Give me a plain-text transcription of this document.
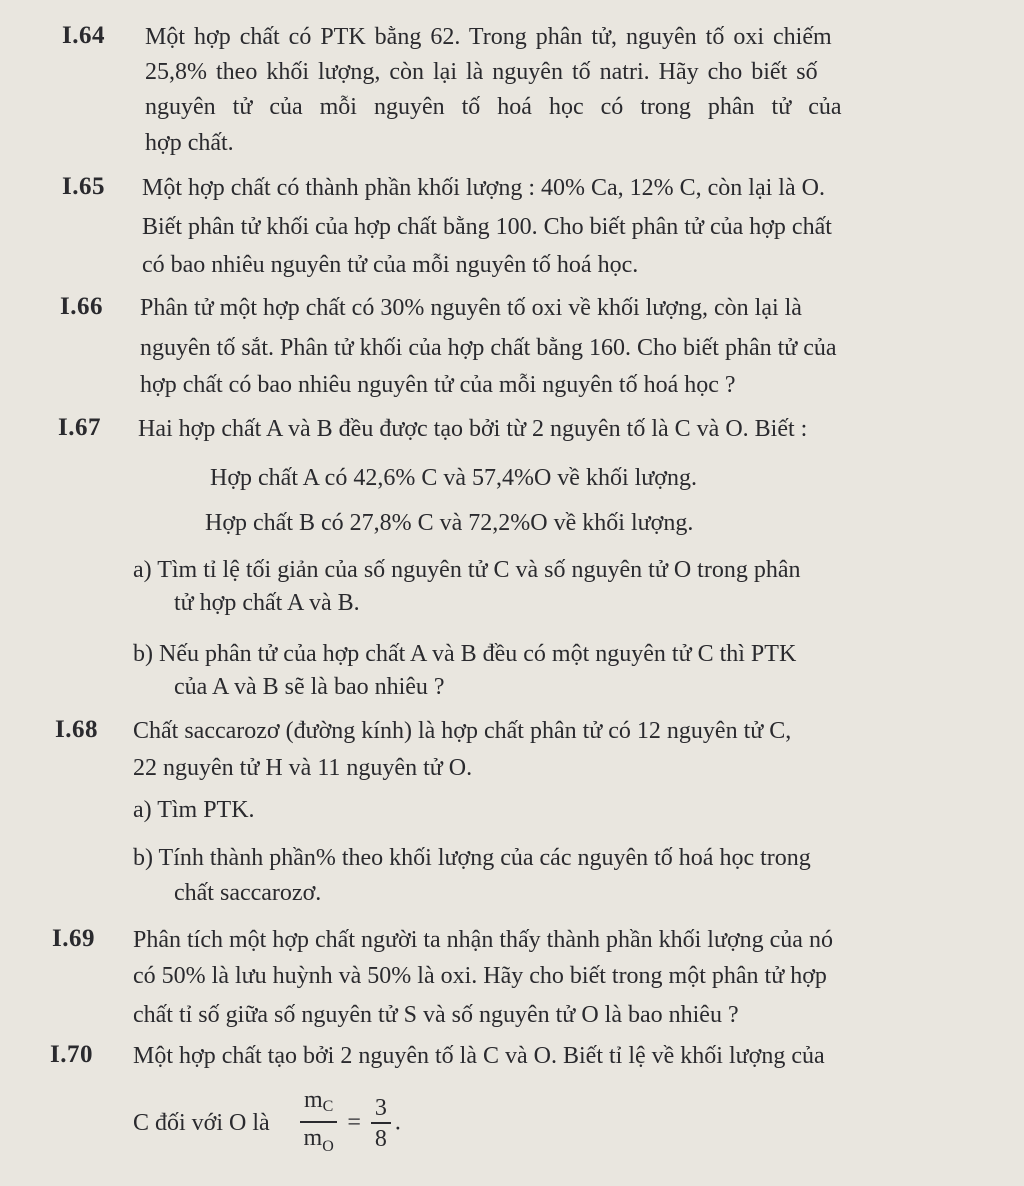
I.64 Một hợp chất có PTK bằng 62. Trong phân tử, nguyên tố oxi chiếm
25,8% theo khối lượng, còn lại là nguyên tố natri. Hãy cho biết số
nguyên tử của mỗi nguyên tố hoá học có trong phân tử của
hợp chất.
I.65 Một hợp chất có thành phần khối lượng : 40% Ca, 12% C, còn lại là O.
Biết phân tử khối của hợp chất bằng 100. Cho biết phân tử của hợp chất
có bao nhiêu nguyên tử của mỗi nguyên tố hoá học.
I.66 Phân tử một hợp chất có 30% nguyên tố oxi về khối lượng, còn lại là
nguyên tố sắt. Phân tử khối của hợp chất bằng 160. Cho biết phân tử của
hợp chất có bao nhiêu nguyên tử của mỗi nguyên tố hoá học ?
I.67 Hai hợp chất A và B đều được tạo bởi từ 2 nguyên tố là C và O. Biết :
Hợp chất A có 42,6% C và 57,4%O về khối lượng.
Hợp chất B có 27,8% C và 72,2%O về khối lượng.
a) Tìm tỉ lệ tối giản của số nguyên tử C và số nguyên tử O trong phân
tử hợp chất A và B.
b) Nếu phân tử của hợp chất A và B đều có một nguyên tử C thì PTK
của A và B sẽ là bao nhiêu ?
I.68 Chất saccarozơ (đường kính) là hợp chất phân tử có 12 nguyên tử C,
22 nguyên tử H và 11 nguyên tử O.
a) Tìm PTK.
b) Tính thành phần% theo khối lượng của các nguyên tố hoá học trong
chất saccarozơ.
I.69 Phân tích một hợp chất người ta nhận thấy thành phần khối lượng của nó
có 50% là lưu huỳnh và 50% là oxi. Hãy cho biết trong một phân tử hợp
chất tỉ số giữa số nguyên tử S và số nguyên tử O là bao nhiêu ?
I.70 Một hợp chất tạo bởi 2 nguyên tố là C và O. Biết tỉ lệ về khối lượng của
C đối với O là $\frac{m_C}{m_O} = \frac{3}{8}$ .
